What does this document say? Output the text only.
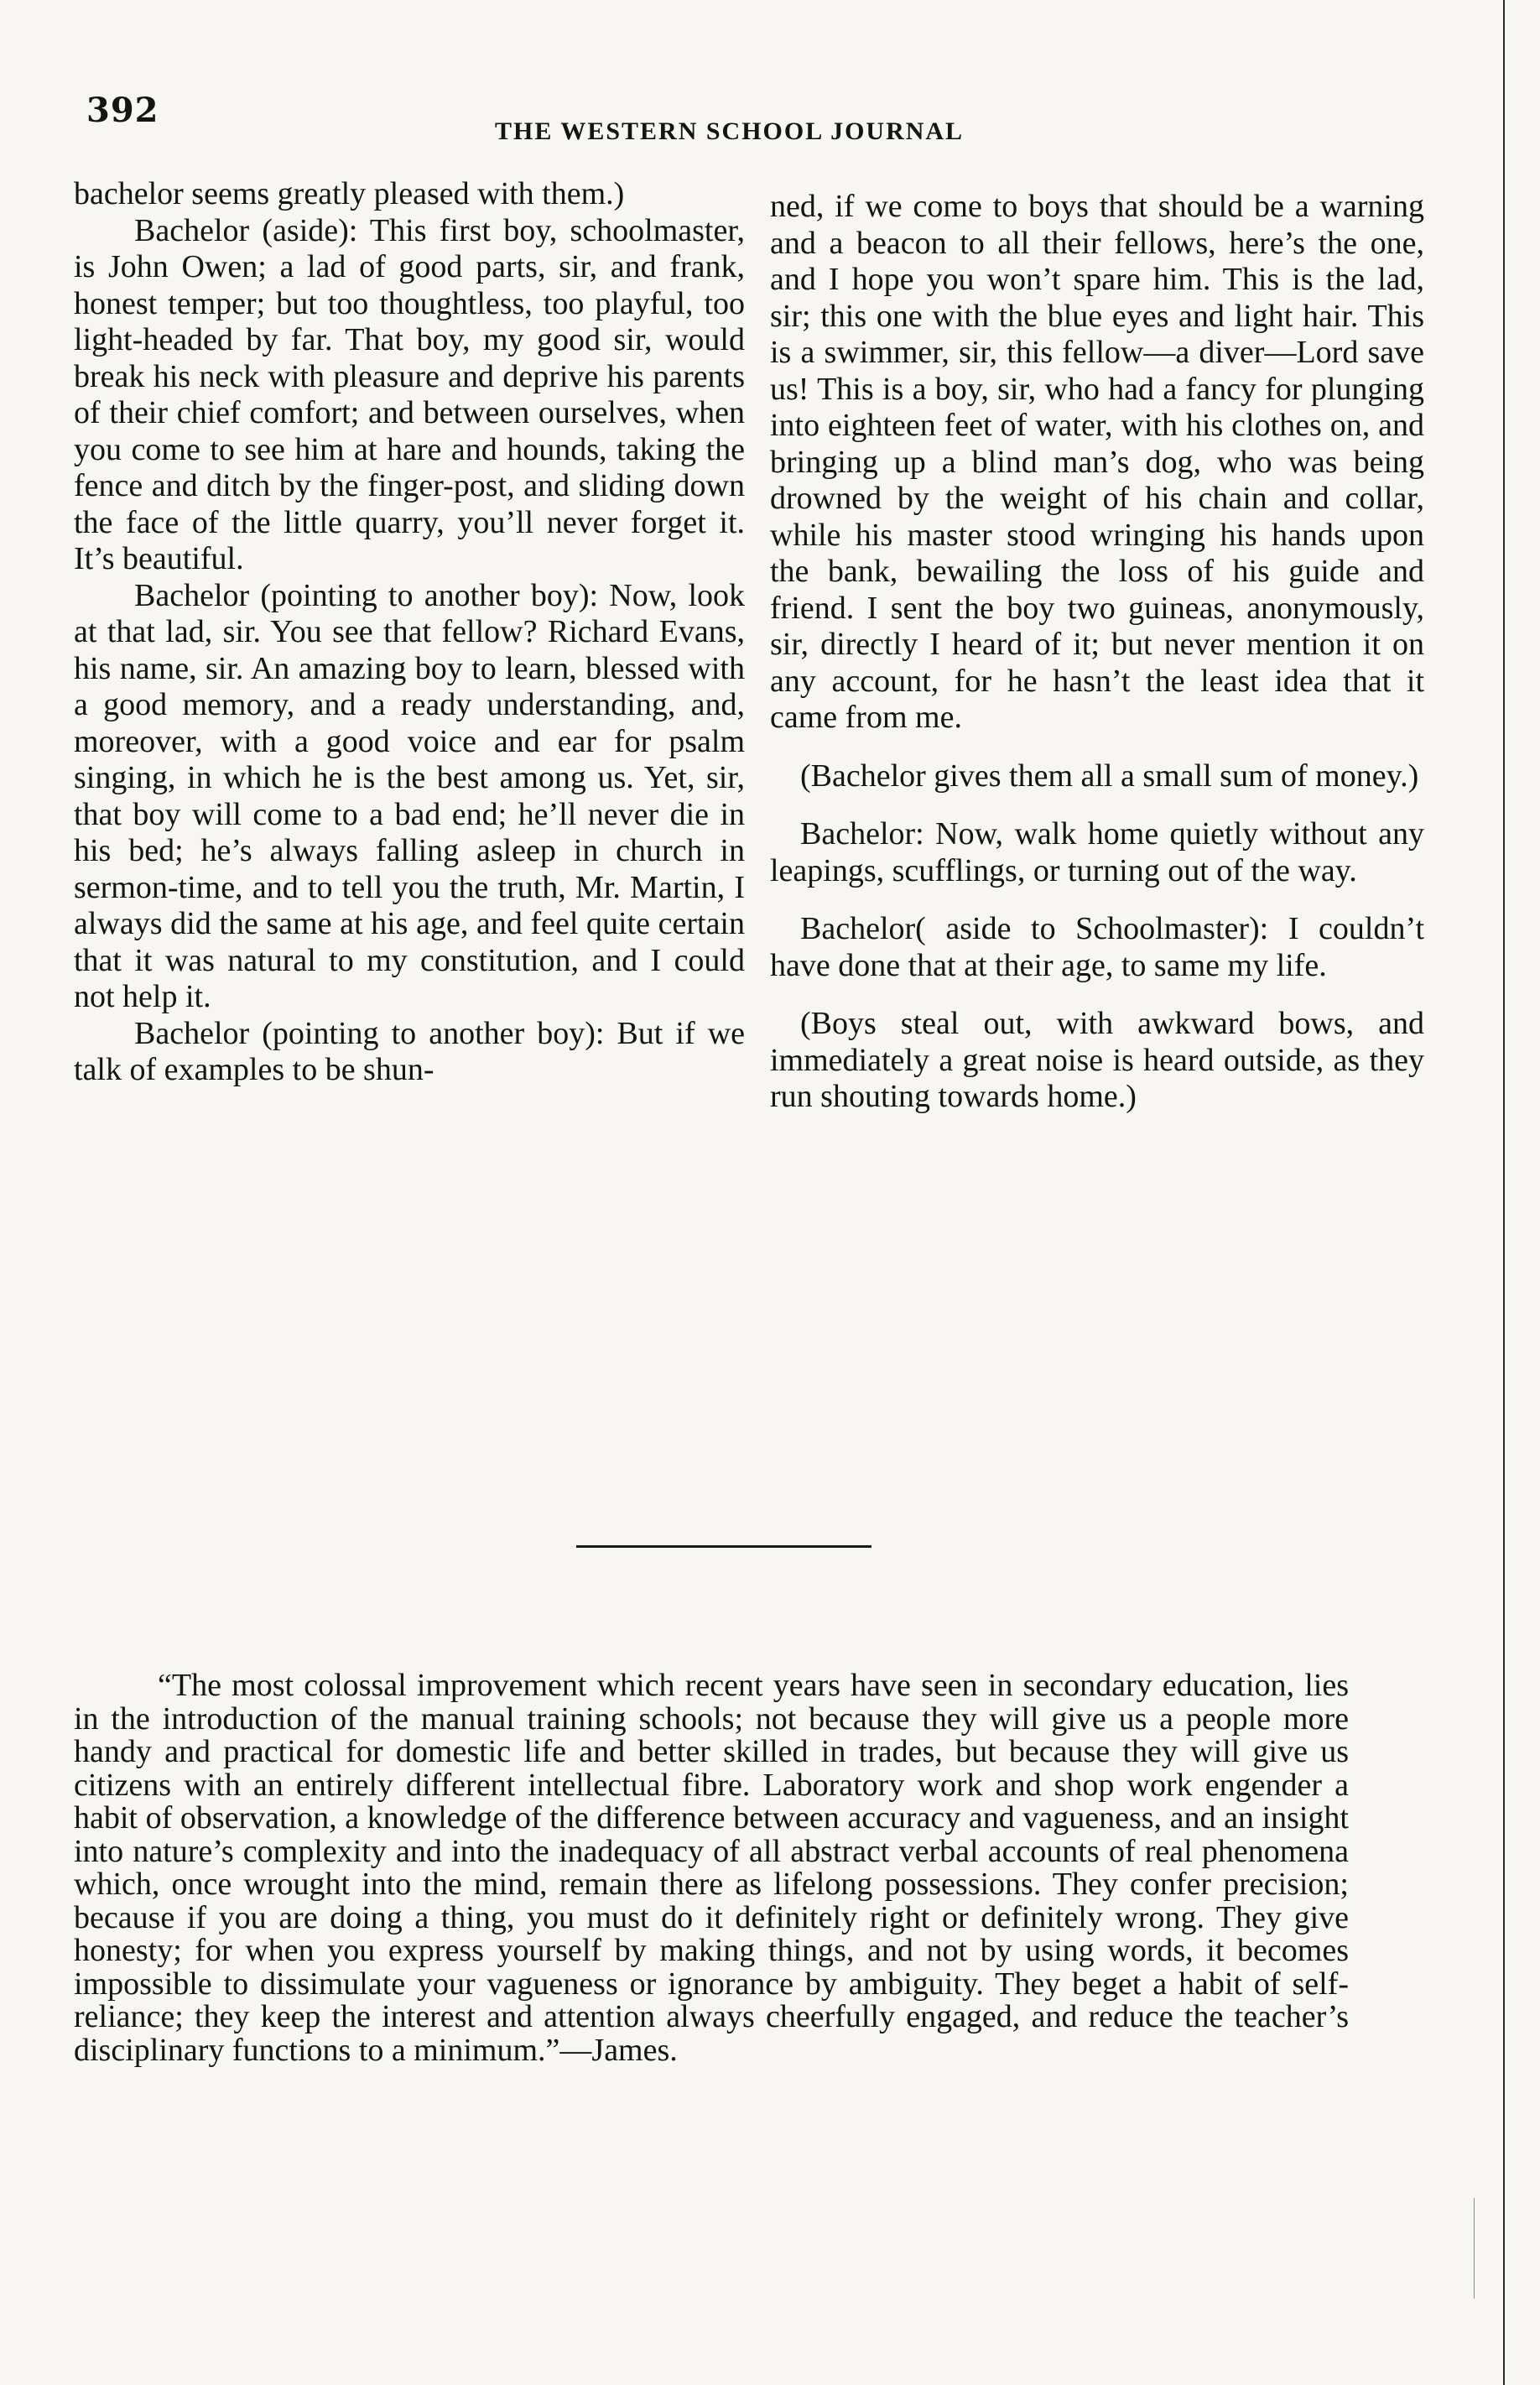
392
THE WESTERN SCHOOL JOURNAL

bachelor seems greatly pleased with them.)

Bachelor (aside): This first boy, schoolmaster, is John Owen; a lad of good parts, sir, and frank, honest temper; but too thoughtless, too playful, too light-headed by far. That boy, my good sir, would break his neck with pleasure and deprive his parents of their chief comfort; and between ourselves, when you come to see him at hare and hounds, taking the fence and ditch by the finger-post, and sliding down the face of the little quarry, you’ll never forget it. It’s beautiful.

Bachelor (pointing to another boy): Now, look at that lad, sir. You see that fellow? Richard Evans, his name, sir. An amazing boy to learn, blessed with a good memory, and a ready understanding, and, moreover, with a good voice and ear for psalm singing, in which he is the best among us. Yet, sir, that boy will come to a bad end; he’ll never die in his bed; he’s always falling asleep in church in sermon-time, and to tell you the truth, Mr. Martin, I always did the same at his age, and feel quite certain that it was natural to my constitution, and I could not help it.

Bachelor (pointing to another boy): But if we talk of examples to be shun-

ned, if we come to boys that should be a warning and a beacon to all their fellows, here’s the one, and I hope you won’t spare him. This is the lad, sir; this one with the blue eyes and light hair. This is a swimmer, sir, this fellow—a diver—Lord save us! This is a boy, sir, who had a fancy for plunging into eighteen feet of water, with his clothes on, and bringing up a blind man’s dog, who was being drowned by the weight of his chain and collar, while his master stood wringing his hands upon the bank, bewailing the loss of his guide and friend. I sent the boy two guineas, anonymously, sir, directly I heard of it; but never mention it on any account, for he hasn’t the least idea that it came from me.

(Bachelor gives them all a small sum of money.)

Bachelor: Now, walk home quietly without any leapings, scufflings, or turning out of the way.

Bachelor( aside to Schoolmaster): I couldn’t have done that at their age, to same my life.

(Boys steal out, with awkward bows, and immediately a great noise is heard outside, as they run shouting towards home.)

“The most colossal improvement which recent years have seen in secondary education, lies in the introduction of the manual training schools; not because they will give us a people more handy and practical for domestic life and better skilled in trades, but because they will give us citizens with an entirely different intellectual fibre. Laboratory work and shop work engender a habit of observation, a knowledge of the difference between accuracy and vagueness, and an insight into nature’s complexity and into the inadequacy of all abstract verbal accounts of real phenomena which, once wrought into the mind, remain there as lifelong possessions. They confer precision; because if you are doing a thing, you must do it definitely right or definitely wrong. They give honesty; for when you express yourself by making things, and not by using words, it becomes impossible to dissimulate your vagueness or ignorance by ambiguity. They beget a habit of self-reliance; they keep the interest and attention always cheerfully engaged, and reduce the teacher’s disciplinary functions to a minimum.”—James.
